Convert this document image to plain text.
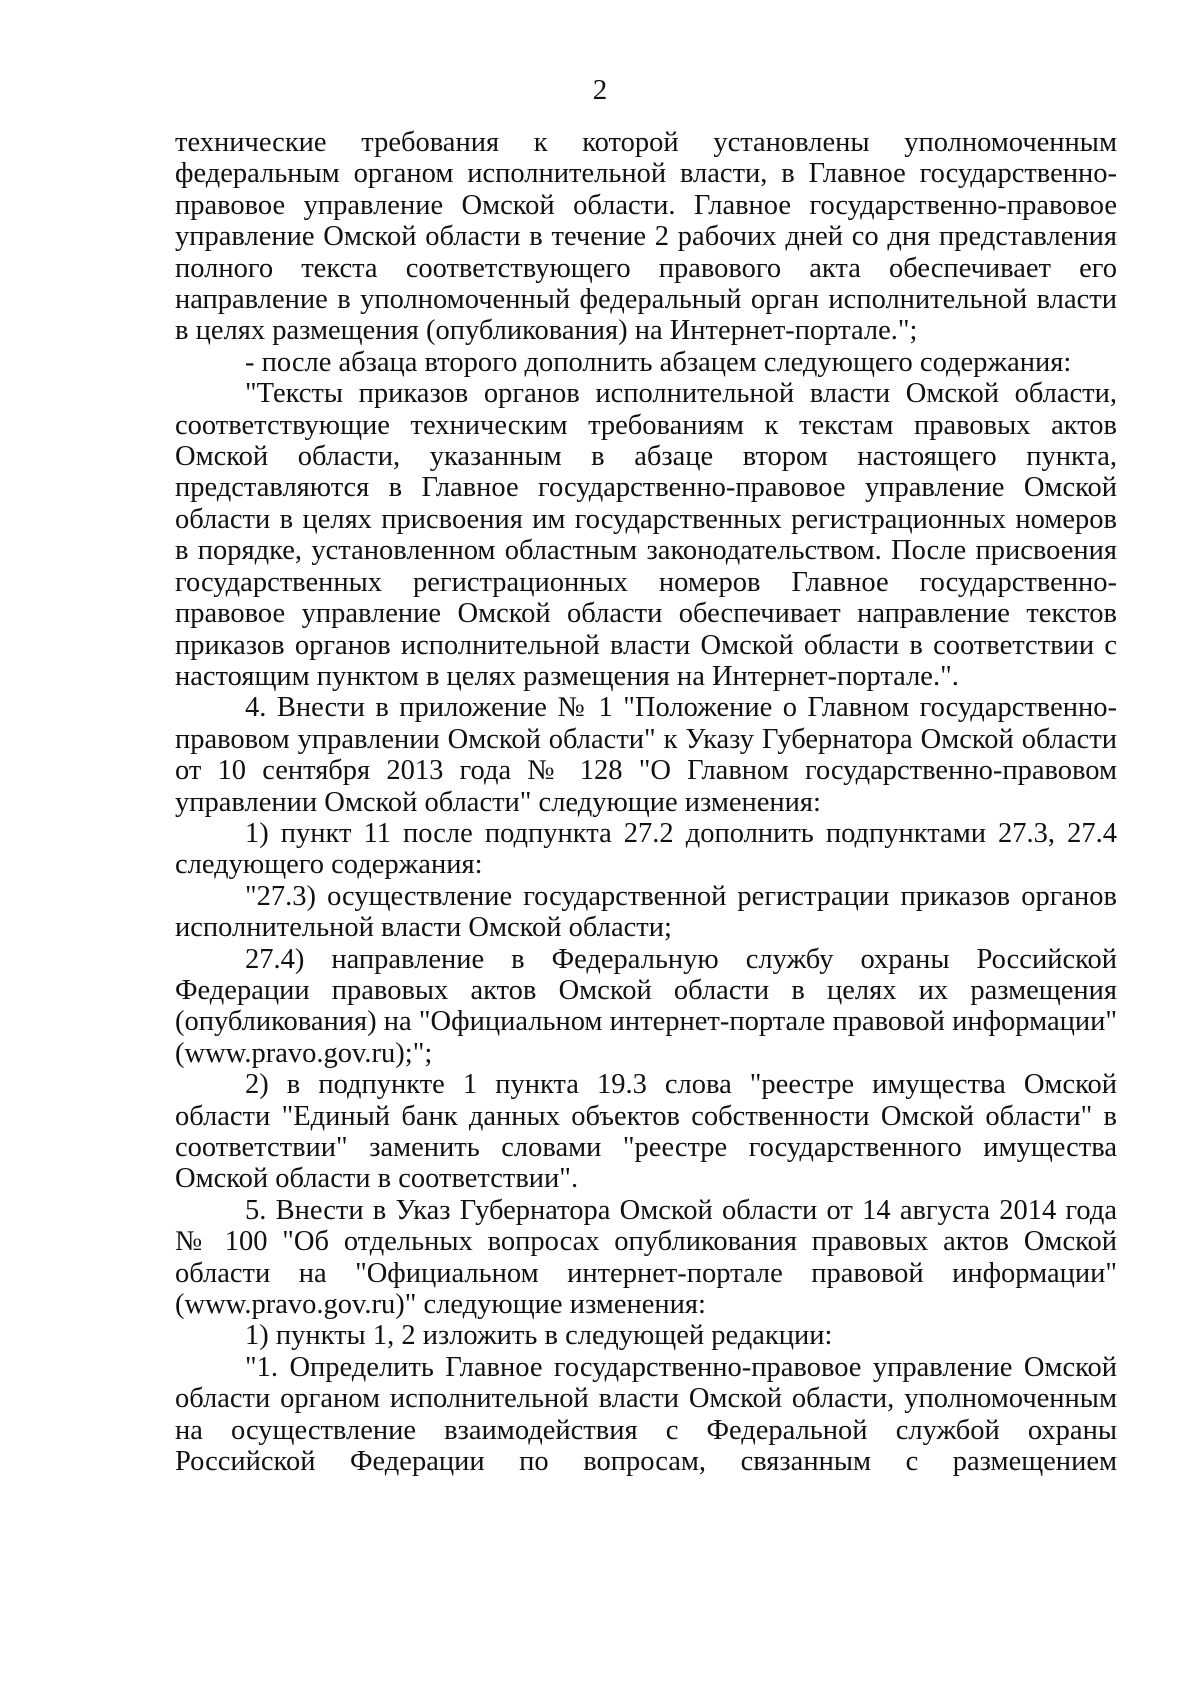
2

технические требования к которой установлены уполномоченным федеральным органом исполнительной власти, в Главное государственно-правовое управление Омской области. Главное государственно-правовое управление Омской области в течение 2 рабочих дней со дня представления полного текста соответствующего правового акта обеспечивает его направление в уполномоченный федеральный орган исполнительной власти в целях размещения (опубликования) на Интернет-портале.";

- после абзаца второго дополнить абзацем следующего содержания:

"Тексты приказов органов исполнительной власти Омской области, соответствующие техническим требованиям к текстам правовых актов Омской области, указанным в абзаце втором настоящего пункта, представляются в Главное государственно-правовое управление Омской области в целях присвоения им государственных регистрационных номеров в порядке, установленном областным законодательством. После присвоения государственных регистрационных номеров Главное государственно-правовое управление Омской области обеспечивает направление текстов приказов органов исполнительной власти Омской области в соответствии с настоящим пунктом в целях размещения на Интернет-портале.".

4. Внести в приложение № 1 "Положение о Главном государственно-правовом управлении Омской области" к Указу Губернатора Омской области от 10 сентября 2013 года № 128 "О Главном государственно-правовом управлении Омской области" следующие изменения:

1) пункт 11 после подпункта 27.2 дополнить подпунктами 27.3, 27.4 следующего содержания:

"27.3) осуществление государственной регистрации приказов органов исполнительной власти Омской области;

27.4) направление в Федеральную службу охраны Российской Федерации правовых актов Омской области в целях их размещения (опубликования) на "Официальном интернет-портале правовой информации" (www.pravo.gov.ru);";

2) в подпункте 1 пункта 19.3 слова "реестре имущества Омской области "Единый банк данных объектов собственности Омской области" в соответствии" заменить словами "реестре государственного имущества Омской области в соответствии".

5. Внести в Указ Губернатора Омской области от 14 августа 2014 года № 100 "Об отдельных вопросах опубликования правовых актов Омской области на "Официальном интернет-портале правовой информации" (www.pravo.gov.ru)" следующие изменения:

1) пункты 1, 2 изложить в следующей редакции:

"1. Определить Главное государственно-правовое управление Омской области органом исполнительной власти Омской области, уполномоченным на осуществление взаимодействия с Федеральной службой охраны Российской Федерации по вопросам, связанным с размещением
